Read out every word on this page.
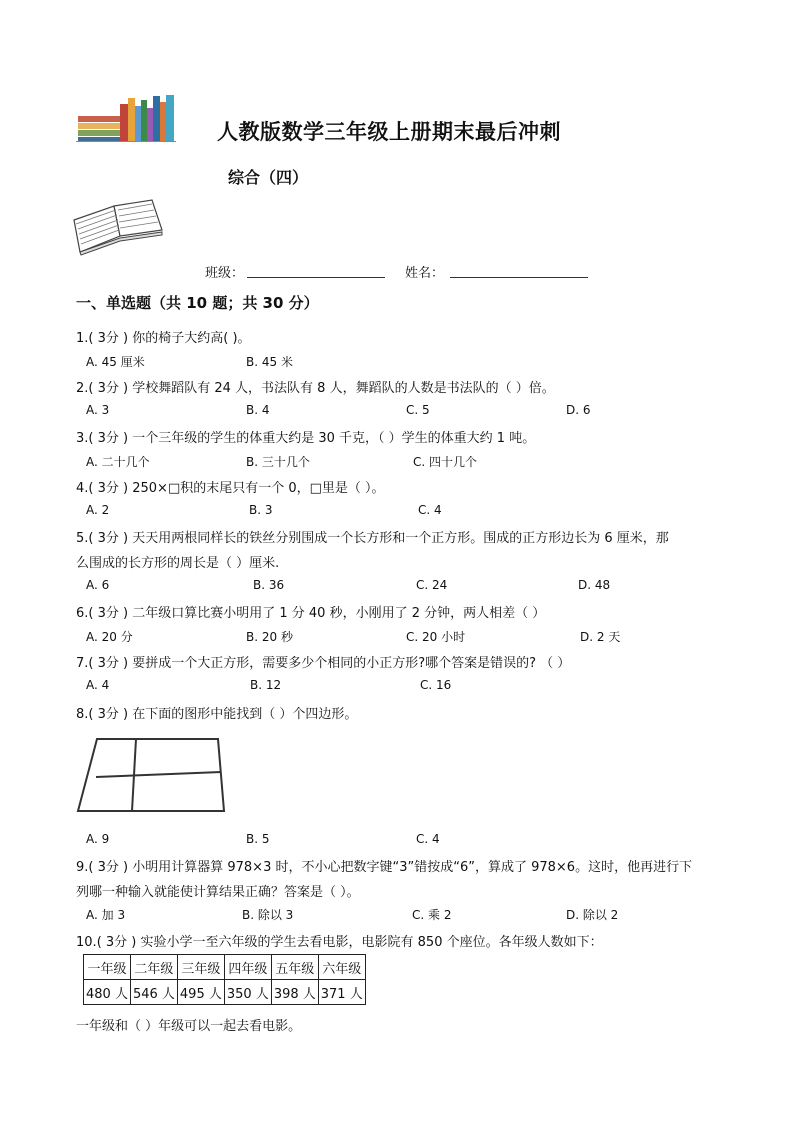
人教版数学三年级上册期末最后冲刺
综合（四）
班级：	姓名：
一、单选题（共 10 题；共 30 分）
1.( 3分 ) 你的椅子大约高( )。
A. 45 厘米	B. 45 米
2.( 3分 ) 学校舞蹈队有 24 人，书法队有 8 人，舞蹈队的人数是书法队的（ ）倍。
A. 3	B. 4	C. 5	D. 6
3.( 3分 ) 一个三年级的学生的体重大约是 30 千克，（ ）学生的体重大约 1 吨。
A. 二十几个	B. 三十几个	C. 四十几个
4.( 3分 ) 250×□积的末尾只有一个 0，□里是（ ）。
A. 2	B. 3	C. 4
5.( 3分 ) 天天用两根同样长的铁丝分别围成一个长方形和一个正方形。围成的正方形边长为 6 厘米，那
么围成的长方形的周长是（ ）厘米.
A. 6	B. 36	C. 24	D. 48
6.( 3分 ) 二年级口算比赛小明用了 1 分 40 秒，小刚用了 2 分钟，两人相差（ ）
A. 20 分	B. 20 秒	C. 20 小时	D. 2 天
7.( 3分 ) 要拼成一个大正方形，需要多少个相同的小正方形?哪个答案是错误的? （ ）
A. 4	B. 12	C. 16
8.( 3分 ) 在下面的图形中能找到（ ）个四边形。
A. 9	B. 5	C. 4
9.( 3分 ) 小明用计算器算 978×3 时，不小心把数字键“3”错按成“6”，算成了 978×6。这时，他再进行下
列哪一种输入就能使计算结果正确？答案是（ ）。
A. 加 3	B. 除以 3	C. 乘 2	D. 除以 2
10.( 3分 ) 实验小学一至六年级的学生去看电影，电影院有 850 个座位。各年级人数如下：
一年级	二年级	三年级	四年级	五年级	六年级
480 人	546 人	495 人	350 人	398 人	371 人
一年级和（ ）年级可以一起去看电影。
